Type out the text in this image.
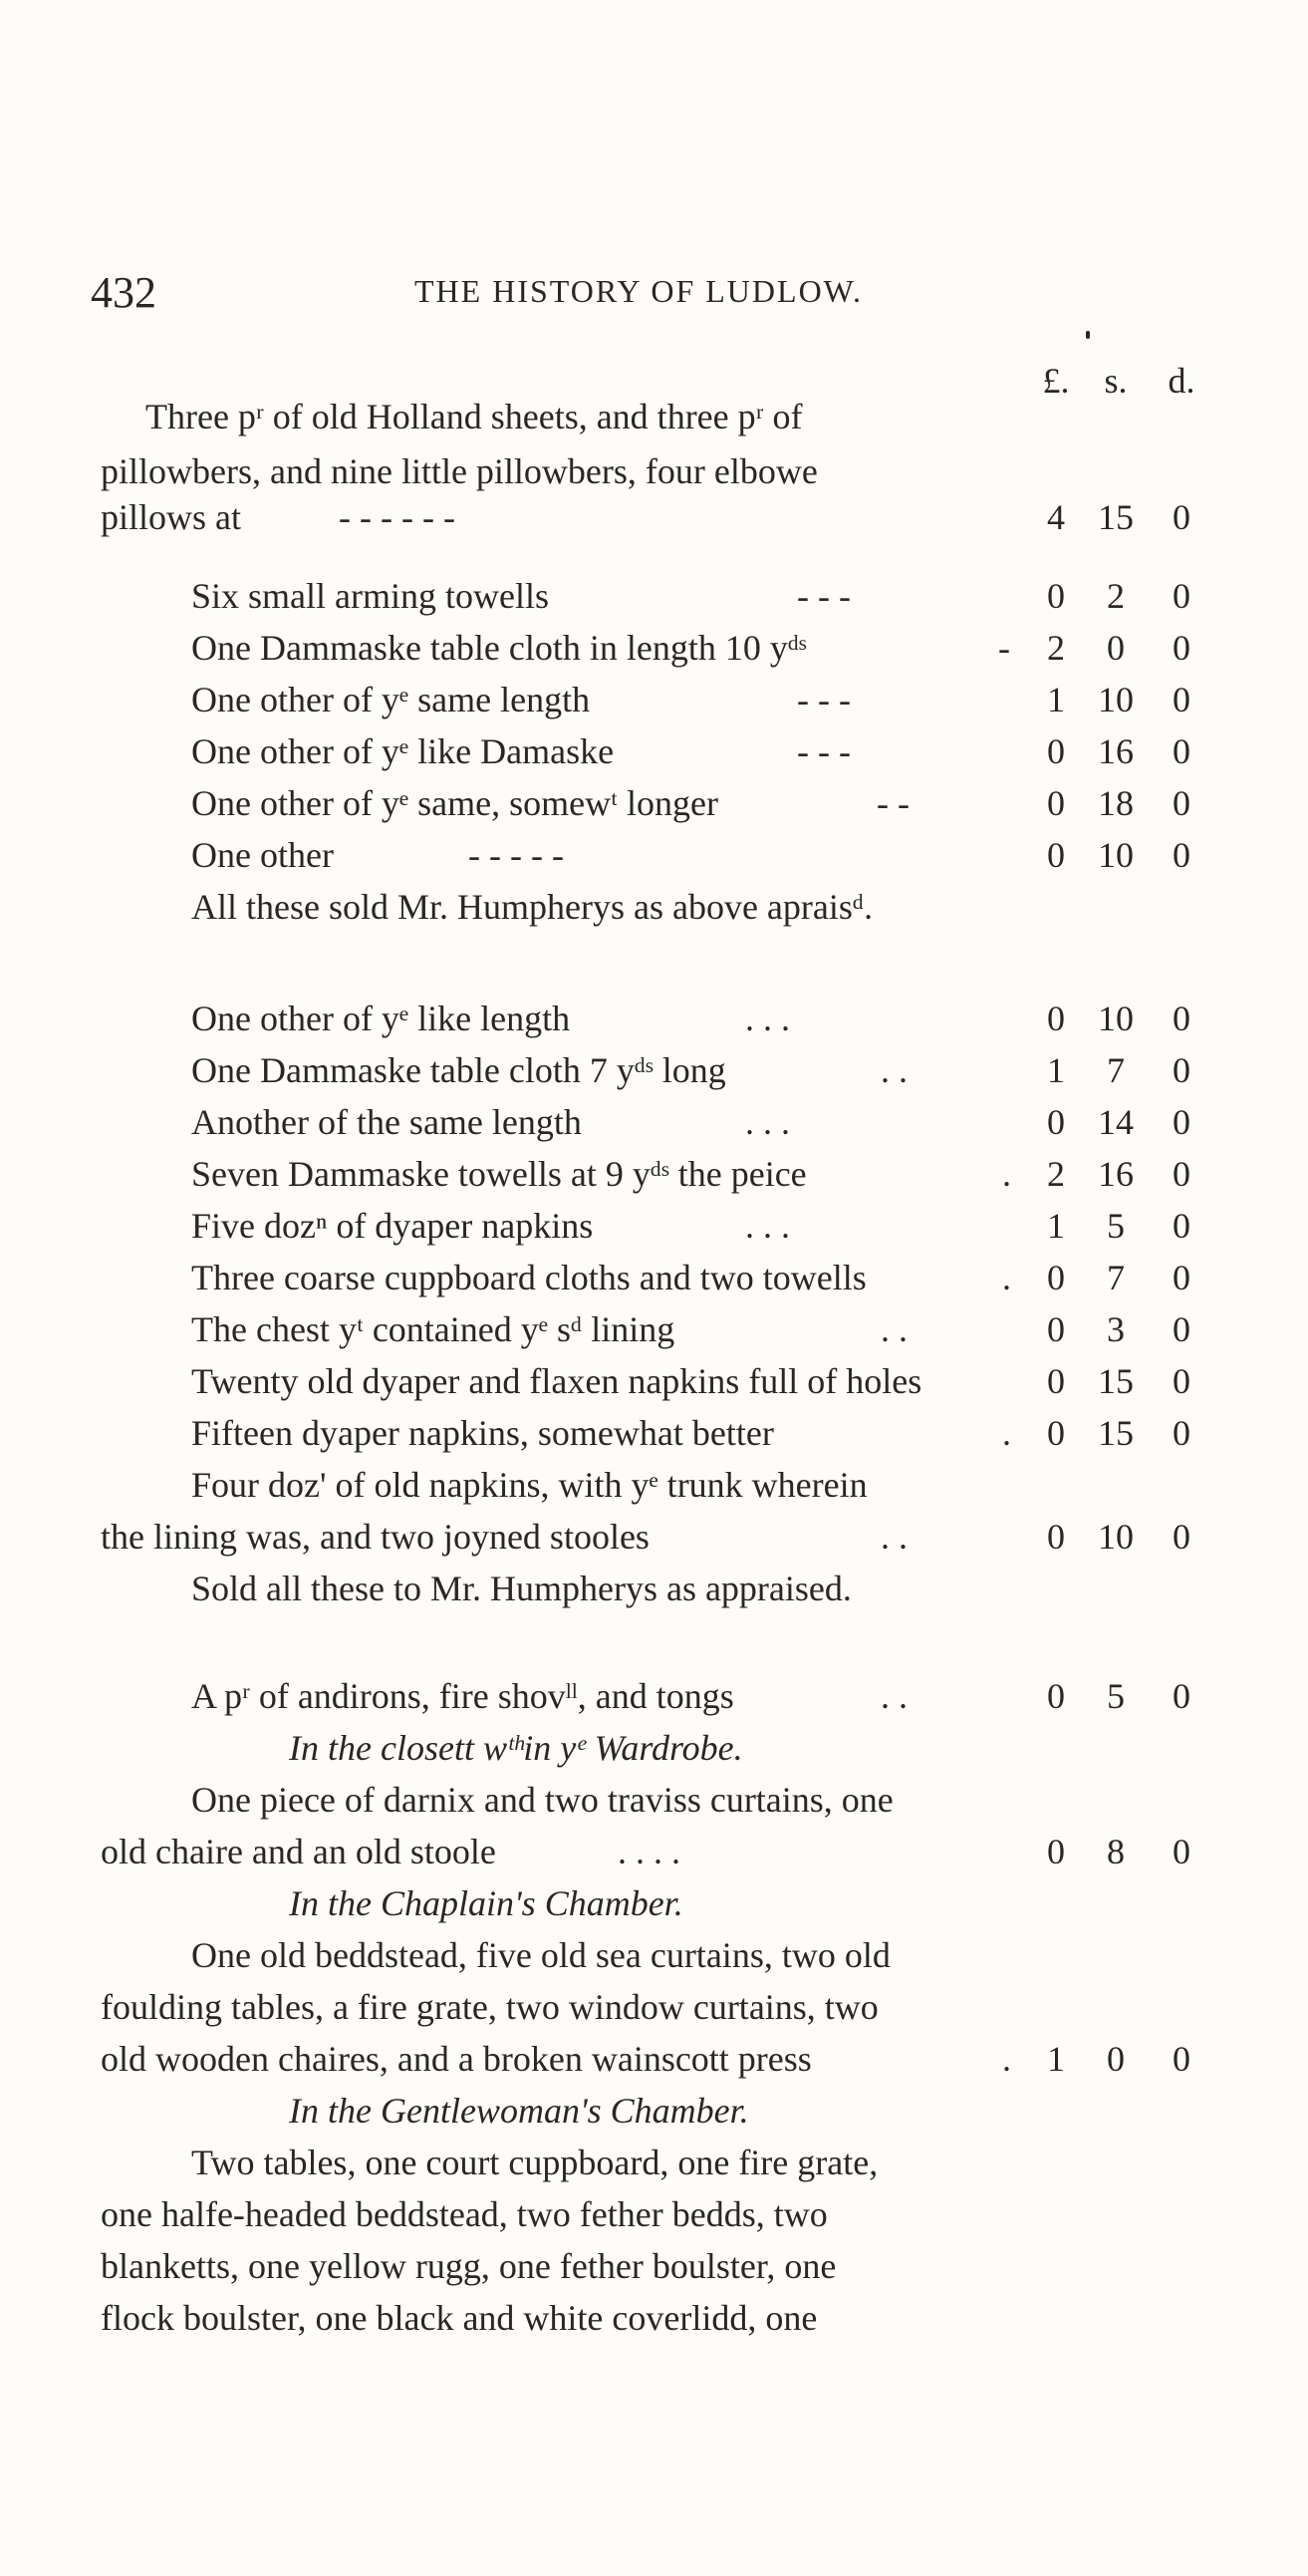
432	THE HISTORY OF LUDLOW.
£. s. d.
Three pʳ of old Holland sheets, and three pʳ of
pillowbers, and nine little pillowbers, four elbowe
pillows at	- - - - - -	4 15	0
Six small arming towells	- - -	0	2	0
One Dammaske table cloth in length 10 yᵈˢ	-	2	0	0
One other of yᵉ same length	- - -	1 10	0
One other of yᵉ like Damaske	- - -	0 16	0
One other of yᵉ same, somewᵗ longer	- -	0 18	0
One other	- - - - -	0 10	0
All these sold Mr. Humpherys as above apraisᵈ.
One other of yᵉ like length	. . .	0 10	0
One Dammaske table cloth 7 yᵈˢ long	. .	1	7	0
Another of the same length	. . .	0 14	0
Seven Dammaske towells at 9 yᵈˢ the peice	.	2 16	0
Five dozⁿ of dyaper napkins	. . .	1	5	0
Three coarse cuppboard cloths and two towells	.	0	7	0
The chest yᵗ contained yᵉ sᵈ lining	. .	0	3	0
Twenty old dyaper and flaxen napkins full of holes	0 15	0
Fifteen dyaper napkins, somewhat better	.	0 15	0
Four doz' of old napkins, with yᵉ trunk wherein
the lining was, and two joyned stooles	. .	0 10	0
Sold all these to Mr. Humpherys as appraised.
A pʳ of andirons, fire shovˡˡ, and tongs	. .	0	5	0
In the closett wᵗʰin yᵉ Wardrobe.
One piece of darnix and two traviss curtains, one
old chaire and an old stoole	. . . .	0	8	0
In the Chaplain's Chamber.
One old beddstead, five old sea curtains, two old
foulding tables, a fire grate, two window curtains, two
old wooden chaires, and a broken wainscott press	.	1	0	0
In the Gentlewoman's Chamber.
Two tables, one court cuppboard, one fire grate,
one halfe-headed beddstead, two fether bedds, two
blanketts, one yellow rugg, one fether boulster, one
flock boulster, one black and white coverlidd, one
